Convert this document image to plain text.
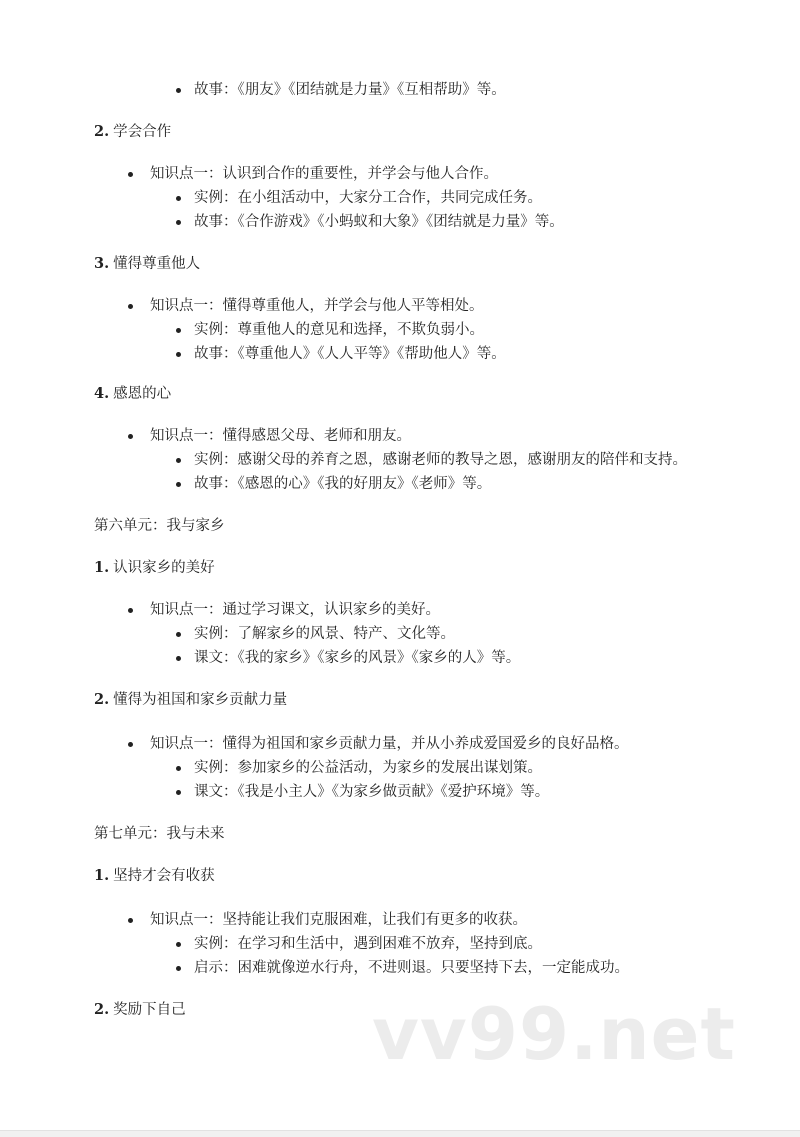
故事：《朋友》《团结就是力量》《互相帮助》等。
2. 学会合作
知识点一：认识到合作的重要性，并学会与他人合作。
实例：在小组活动中，大家分工合作，共同完成任务。
故事：《合作游戏》《小蚂蚁和大象》《团结就是力量》等。
3. 懂得尊重他人
知识点一：懂得尊重他人，并学会与他人平等相处。
实例：尊重他人的意见和选择，不欺负弱小。
故事：《尊重他人》《人人平等》《帮助他人》等。
4. 感恩的心
知识点一：懂得感恩父母、老师和朋友。
实例：感谢父母的养育之恩，感谢老师的教导之恩，感谢朋友的陪伴和支持。
故事：《感恩的心》《我的好朋友》《老师》等。
第六单元：我与家乡
1. 认识家乡的美好
知识点一：通过学习课文，认识家乡的美好。
实例：了解家乡的风景、特产、文化等。
课文：《我的家乡》《家乡的风景》《家乡的人》等。
2. 懂得为祖国和家乡贡献力量
知识点一：懂得为祖国和家乡贡献力量，并从小养成爱国爱乡的良好品格。
实例：参加家乡的公益活动，为家乡的发展出谋划策。
课文：《我是小主人》《为家乡做贡献》《爱护环境》等。
第七单元：我与未来
1. 坚持才会有收获
知识点一：坚持能让我们克服困难，让我们有更多的收获。
实例：在学习和生活中，遇到困难不放弃，坚持到底。
启示：困难就像逆水行舟，不进则退。只要坚持下去，一定能成功。
2. 奖励下自己	vv99.net
